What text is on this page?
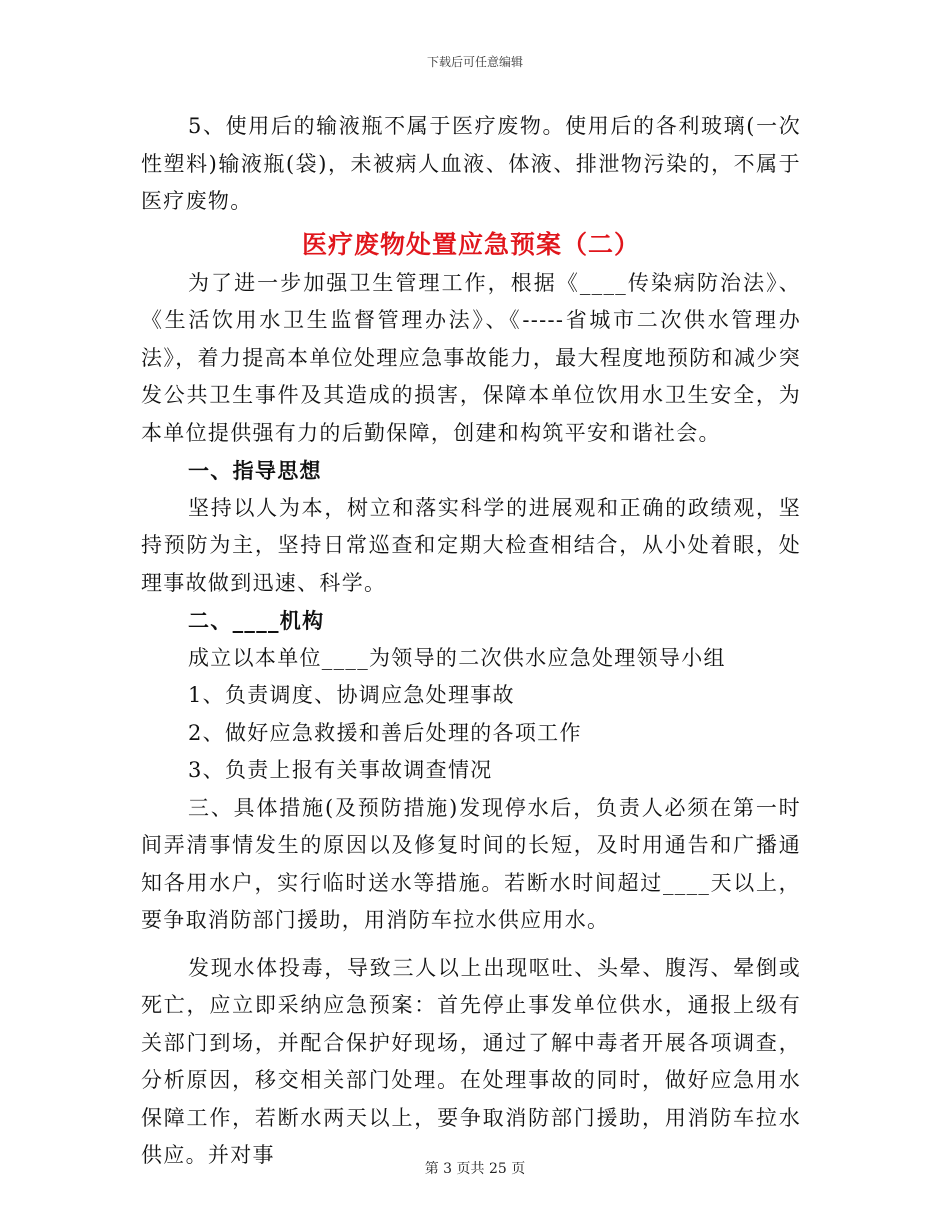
下载后可任意编辑

5、使用后的输液瓶不属于医疗废物。使用后的各利玻璃(一次性塑料)输液瓶(袋)，未被病人血液、体液、排泄物污染的，不属于医疗废物。

医疗废物处置应急预案（二）

为了进一步加强卫生管理工作，根据《____传染病防治法》、《生活饮用水卫生监督管理办法》、《-----省城市二次供水管理办法》，着力提高本单位处理应急事故能力，最大程度地预防和减少突发公共卫生事件及其造成的损害，保障本单位饮用水卫生安全，为本单位提供强有力的后勤保障，创建和构筑平安和谐社会。

一、指导思想

坚持以人为本，树立和落实科学的进展观和正确的政绩观，坚持预防为主，坚持日常巡查和定期大检查相结合，从小处着眼，处理事故做到迅速、科学。

二、____机构

成立以本单位____为领导的二次供水应急处理领导小组

1、负责调度、协调应急处理事故

2、做好应急救援和善后处理的各项工作

3、负责上报有关事故调查情况

三、具体措施(及预防措施)发现停水后，负责人必须在第一时间弄清事情发生的原因以及修复时间的长短，及时用通告和广播通知各用水户，实行临时送水等措施。若断水时间超过____天以上，要争取消防部门援助，用消防车拉水供应用水。

发现水体投毒，导致三人以上出现呕吐、头晕、腹泻、晕倒或死亡，应立即采纳应急预案：首先停止事发单位供水，通报上级有关部门到场，并配合保护好现场，通过了解中毒者开展各项调查，分析原因，移交相关部门处理。在处理事故的同时，做好应急用水保障工作，若断水两天以上，要争取消防部门援助，用消防车拉水供应。并对事

第 3 页共 25 页
